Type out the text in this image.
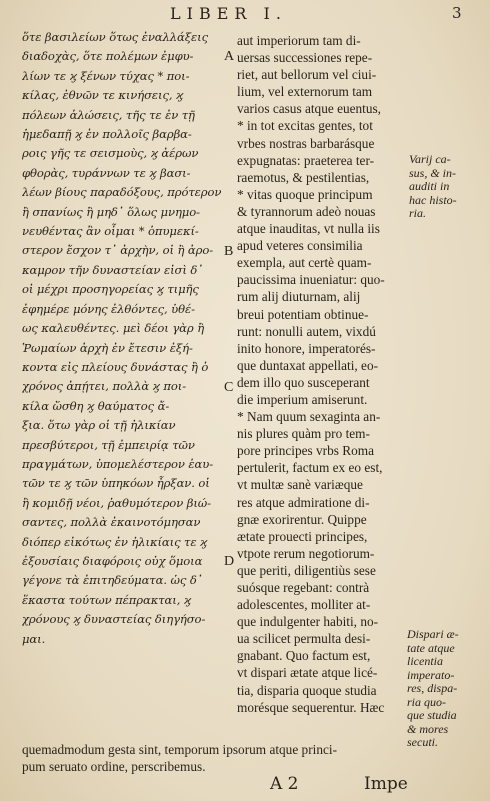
LIBER I.	3
ὅτε βασιλείων ὅτως ἐναλλάξεις
διαδοχὰς, ὅτε πολέμων ἐμφυ-
λίων τε ϗ ξένων τύχας * ποι-
κίλας, ἐθνῶν τε κινήσεις, ϗ
πόλεων ἁλώσεις, τῆς τε ἐν τῇ
ἡμεδαπῇ ϗ ἐν πολλοῖς βαρβα-
ροις γῆς τε σεισμοὺς, ϗ ἀέρων
φθορὰς, τυράννων τε ϗ βασι-
λέων βίους παραδόξους, πρότερον
ἢ σπανίως ἢ μηδ᾽ ὅλως μνημο-
νευθέντας ἂν οἶμαι * ὁπυμεκί-
στερον ἔσχον τ᾽ ἀρχὴν, οἱ ἢ ἀρο-
καμρον τῆν δυναστείαν εἰσὶ δ᾽
οἱ μέχρι προσηγορείας ϗ τιμῆς
ἐφημέρε μόνης ἐλθόντες, ὑθέ-
ως καλευθέντες. μεὶ δέοι γὰρ ἢ
Ῥωμαίων ἀρχὴ ἐν ἔτεσιν ἑξή-
κοντα εἰς πλείους δυνάστας ἢ ὁ
χρόνος ἀπῄτει, πολλὰ ϗ ποι-
κίλα ὥσθη ϗ θαύματος ἄ-
ξια. ὅτω γὰρ οἱ τῇ ἡλικίαν
πρεσβύτεροι, τῇ ἐμπειρίᾳ τῶν
πραγμάτων, ὑπομελέστερον ἑαυ-
τῶν τε ϗ τῶν ὑπηκόων ἦρξαν. οἱ
ἢ κομιδῇ νέοι, ῥαθυμότερον βιώ-
σαντες, πολλὰ ἐκαινοτόμησαν
διόπερ εἰκότως ἐν ἡλικίαις τε ϗ
ἐξουσίαις διαφόροις οὐχ ὅμοια
γέγονε τὰ ἐπιτηδεύματα. ὡς δ᾽
ἕκαστα τούτων πέπρακται, ϗ
χρόνους ϗ δυναστείας διηγήσο-
μαι.
A
B
C
D
aut imperiorum tam di-
uersas successiones repe-
riet, aut bellorum vel ciui-
lium, vel externorum tam
varios casus atque euentus,
* in tot excitas gentes, tot
vrbes nostras barbarásque
expugnatas: praeterea ter-
raemotus, & pestilentias,
* vitas quoque principum
& tyrannorum adeò nouas
atque inauditas, vt nulla iis
apud veteres consimilia
exempla, aut certè quam-
paucissima inueniatur: quo-
rum alij diuturnam, alij
breui potentiam obtinue-
runt: nonulli autem, vixdú
inito honore, imperatorés-
que duntaxat appellati, eo-
dem illo quo susceperant
die imperium amiserunt.
* Nam quum sexaginta an-
nis plures quàm pro tem-
pore principes vrbs Roma
pertulerit, factum ex eo est,
vt multæ sanè variæque
res atque admiratione di-
gnæ exorirentur. Quippe
ætate prouecti principes,
vtpote rerum negotiorum-
que periti, diligentiùs sese
suósque regebant: contrà
adolescentes, molliter at-
que indulgenter habiti, no-
ua scilicet permulta desi-
gnabant. Quo factum est,
vt dispari ætate atque licé-
tia, disparia quoque studia
morésque sequerentur. Hæc
Varij ca-
sus, & in-
auditi in
hac histo-
ria.
Dispari æ-
tate atque
licentia
imperato-
res, dispa-
ria quo-
que studia
& mores
secuti.
quemadmodum gesta sint, temporum ipsorum atque princi-
pum seruato ordine, perscribemus.
A 2	Impe
